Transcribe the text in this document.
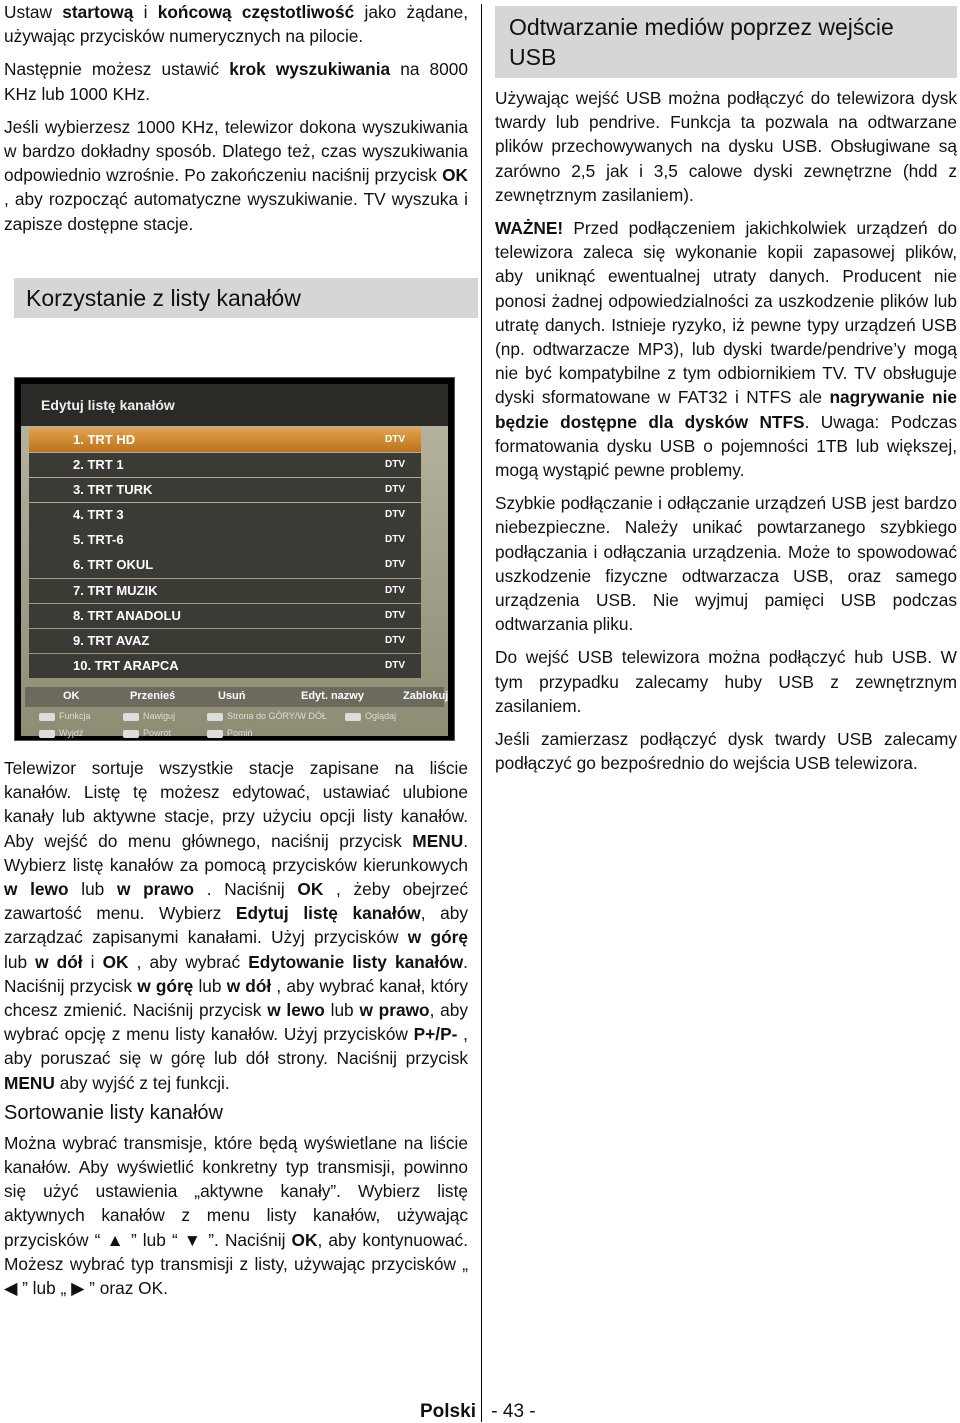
Ustaw startową i końcową częstotliwość jako żądane, używając przycisków numerycznych na pilocie.

Następnie możesz ustawić krok wyszukiwania na 8000 KHz lub 1000 KHz.

Jeśli wybierzesz 1000 KHz, telewizor dokona wyszukiwania w bardzo dokładny sposób. Dlatego też, czas wyszukiwania odpowiednio wzrośnie. Po zakończeniu naciśnij przycisk OK , aby rozpocząć automatyczne wyszukiwanie. TV wyszuka i zapisze dostępne stacje.

Korzystanie z listy kanałów
Edytuj listę kanałów
1. TRT HD	DTV
2. TRT 1	DTV
3. TRT TURK	DTV
4. TRT 3	DTV
5. TRT-6	DTV
6. TRT OKUL	DTV
7. TRT MUZIK	DTV
8. TRT ANADOLU	DTV
9. TRT AVAZ	DTV
10. TRT ARAPCA	DTV
OK	Przenieś	Usuń	Edyt. nazwy	Zablokuj
Funkcja
Wyjdź
Nawiguj
Powrót
Strona do GÓRY/W DÓŁ
Pomiń
Oglądaj

Telewizor sortuje wszystkie stacje zapisane na liście kanałów. Listę tę możesz edytować, ustawiać ulubione kanały lub aktywne stacje, przy użyciu opcji listy kanałów. Aby wejść do menu głównego, naciśnij przycisk MENU. Wybierz listę kanałów za pomocą przycisków kierunkowych w lewo lub w prawo . Naciśnij OK , żeby obejrzeć zawartość menu. Wybierz Edytuj listę kanałów, aby zarządzać zapisanymi kanałami. Użyj przycisków w górę lub w dół i OK , aby wybrać Edytowanie listy kanałów. Naciśnij przycisk w górę lub w dół , aby wybrać kanał, który chcesz zmienić. Naciśnij przycisk w lewo lub w prawo, aby wybrać opcję z menu listy kanałów. Użyj przycisków P+/P- , aby poruszać się w górę lub dół strony. Naciśnij przycisk MENU aby wyjść z tej funkcji.

Sortowanie listy kanałów

Można wybrać transmisje, które będą wyświetlane na liście kanałów. Aby wyświetlić konkretny typ transmisji, powinno się użyć ustawienia „aktywne kanały”. Wybierz listę aktywnych kanałów z menu listy kanałów, używając przycisków “ ▲ ” lub “ ▼ ”. Naciśnij OK, aby kontynuować. Możesz wybrać typ transmisji z listy, używając przycisków „ ◀ ” lub „ ▶ ” oraz OK.

Odtwarzanie mediów poprzez wejście USB

Używając wejść USB można podłączyć do telewizora dysk twardy lub pendrive. Funkcja ta pozwala na odtwarzane plików przechowywanych na dysku USB. Obsługiwane są zarówno 2,5 jak i 3,5 calowe dyski zewnętrzne (hdd z zewnętrznym zasilaniem).

WAŻNE! Przed podłączeniem jakichkolwiek urządzeń do telewizora zaleca się wykonanie kopii zapasowej plików, aby uniknąć ewentualnej utraty danych. Producent nie ponosi żadnej odpowiedzialności za uszkodzenie plików lub utratę danych. Istnieje ryzyko, iż pewne typy urządzeń USB (np. odtwarzacze MP3), lub dyski twarde/pendrive’y mogą nie być kompatybilne z tym odbiornikiem TV. TV obsługuje dyski sformatowane w FAT32 i NTFS ale nagrywanie nie będzie dostępne dla dysków NTFS. Uwaga: Podczas formatowania dysku USB o pojemności 1TB lub większej, mogą wystąpić pewne problemy.

Szybkie podłączanie i odłączanie urządzeń USB jest bardzo niebezpieczne. Należy unikać powtarzanego szybkiego podłączania i odłączania urządzenia. Może to spowodować uszkodzenie fizyczne odtwarzacza USB, oraz samego urządzenia USB. Nie wyjmuj pamięci USB podczas odtwarzania pliku.

Do wejść USB telewizora można podłączyć hub USB. W tym przypadku zalecamy huby USB z zewnętrznym zasilaniem.

Jeśli zamierzasz podłączyć dysk twardy USB zalecamy podłączyć go bezpośrednio do wejścia USB telewizora.

Polski - 43 -
